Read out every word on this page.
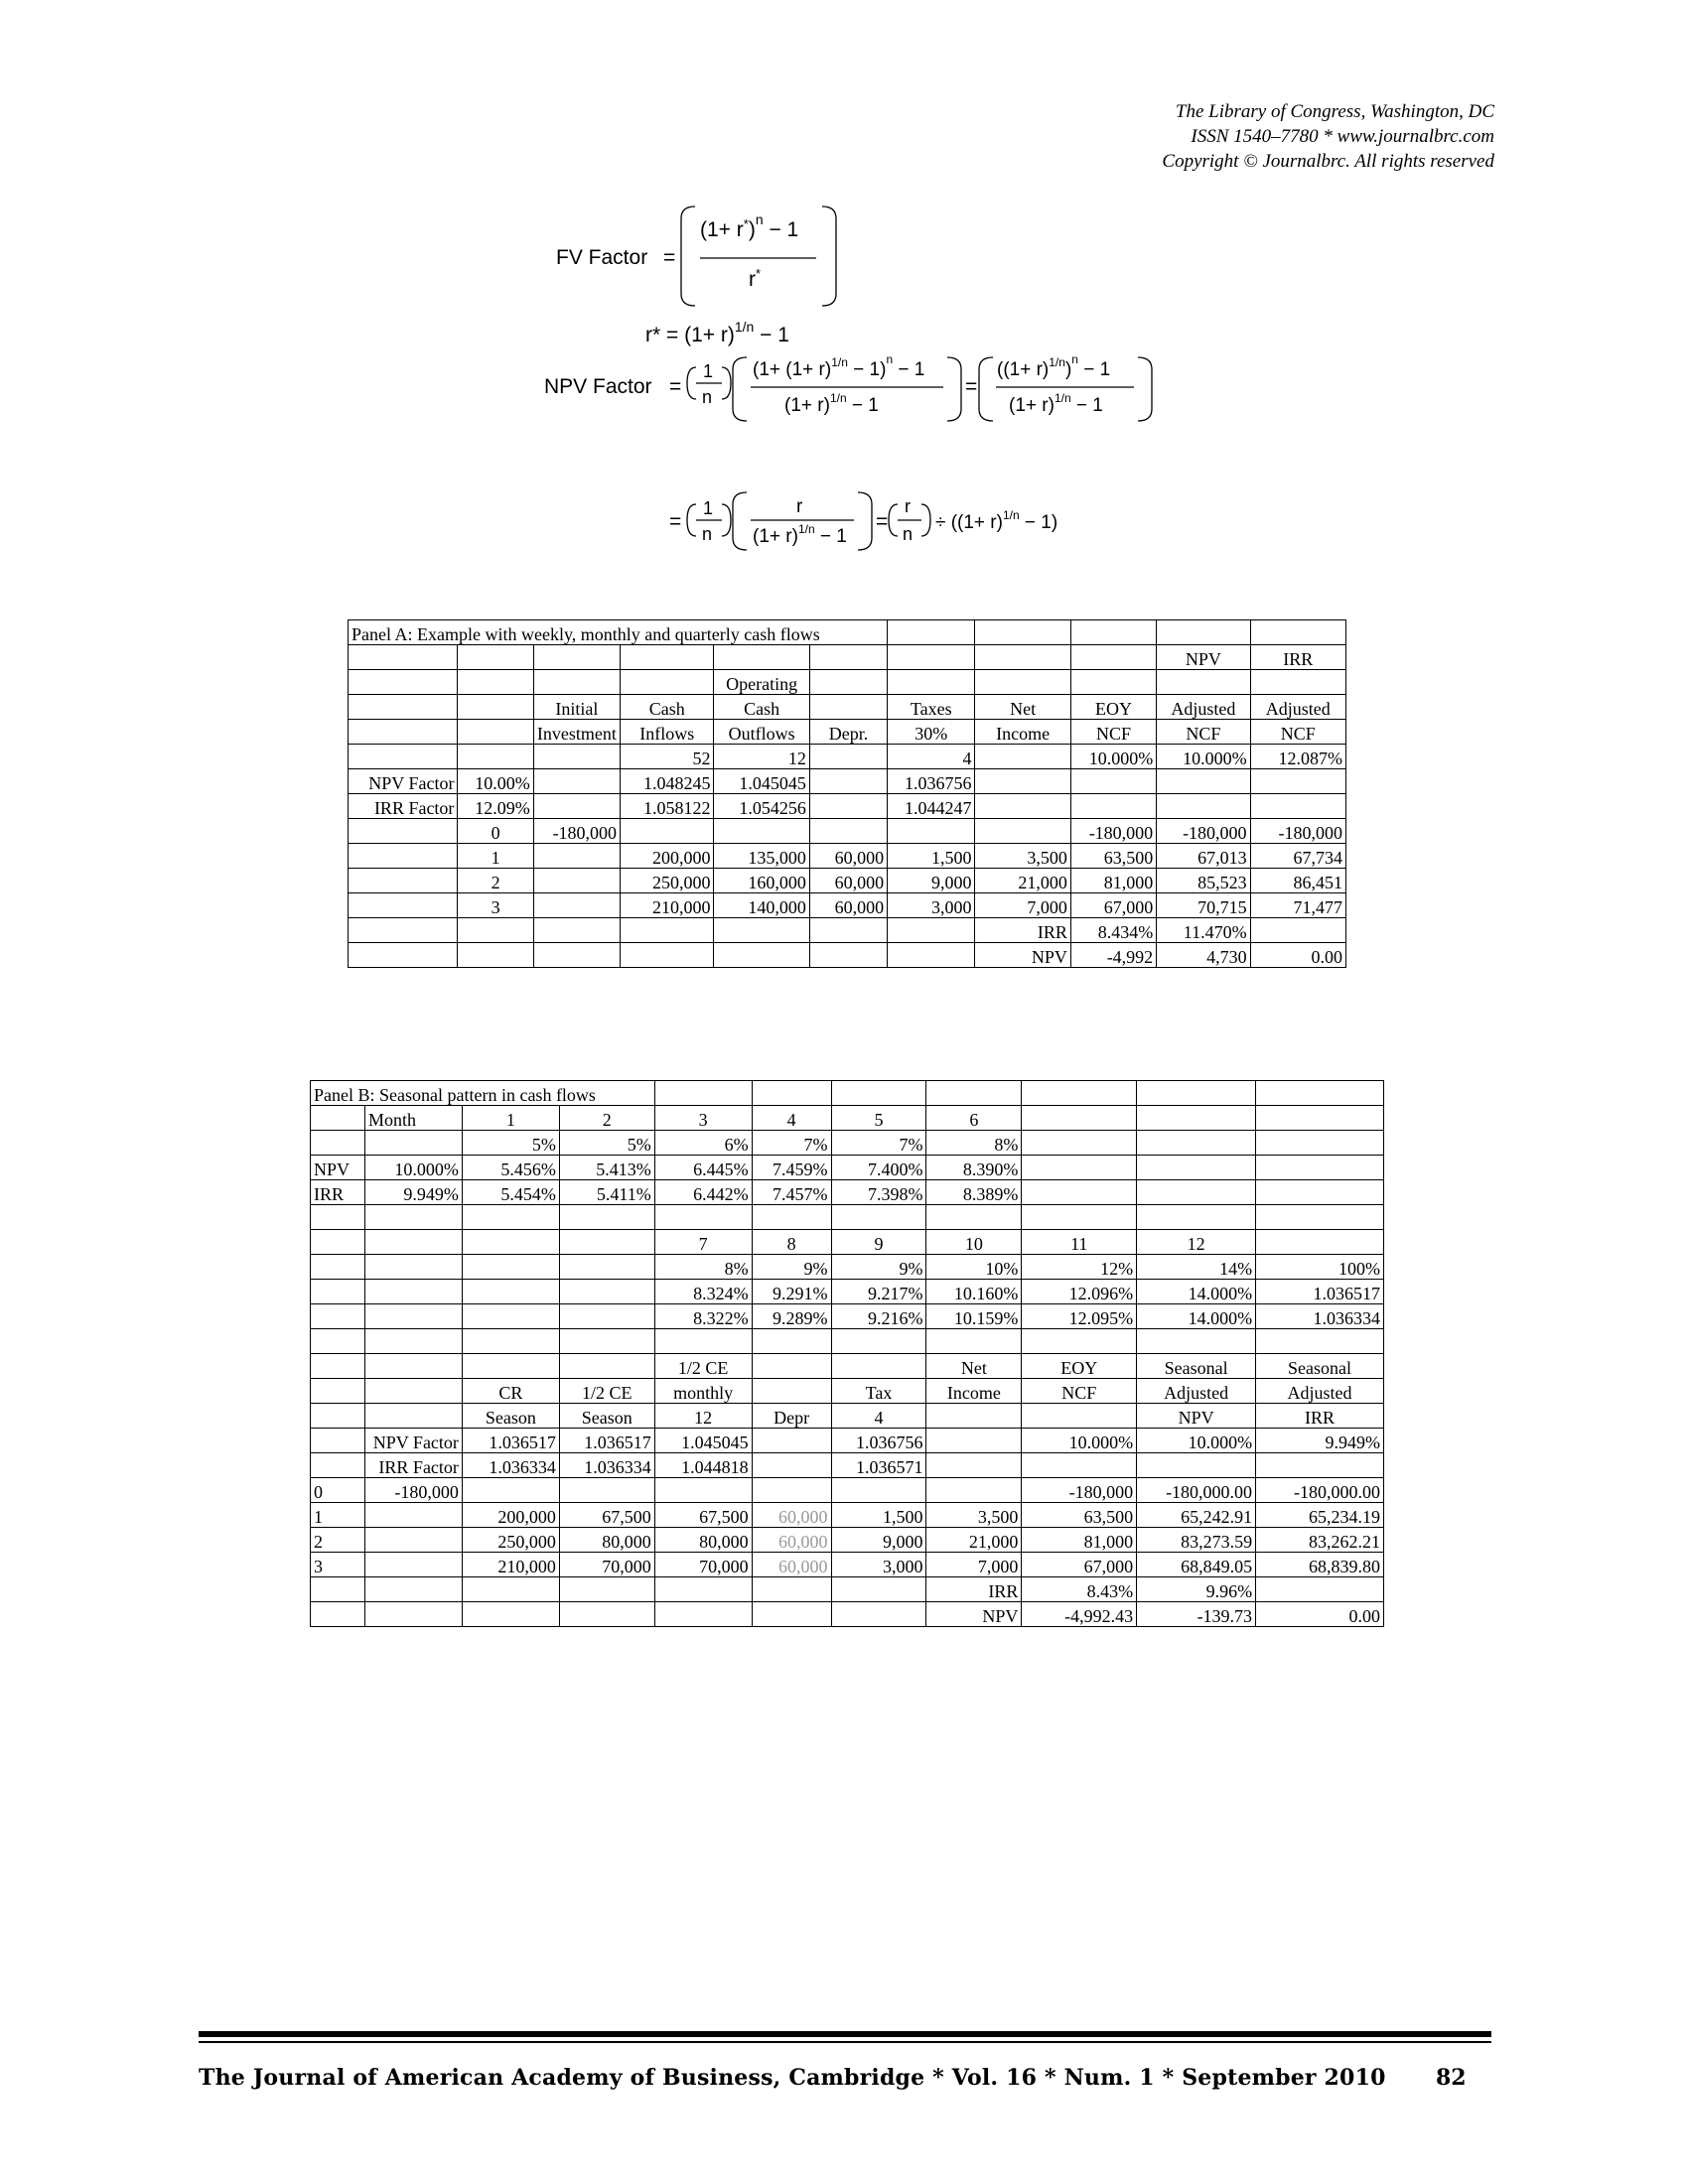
The Library of Congress, Washington, DC
ISSN 1540–7780 * www.journalbrc.com
Copyright © Journalbrc. All rights reserved
FV Factor =
$(1+ r^*)^n - 1$
r*
$r* = (1+ r)^{1/n} - 1$
NPV Factor =
1
n
$(1+ (1+ r)^{1/n} - 1)^n - 1$
$(1+ r)^{1/n} - 1$
=
$((1+ r)^{1/n})^n - 1$
$(1+ r)^{1/n} - 1$
=
1
n
r
$(1+ r)^{1/n} - 1$
=
r
n
÷ $((1+ r)^{1/n} - 1)$
Panel A: Example with weekly, monthly and quarterly cash flows										
									NPV	IRR
				Operating						
		Initial	Cash	Cash		Taxes	Net	EOY	Adjusted	Adjusted
		Investment	Inflows	Outflows	Depr.	30%	Income	NCF	NCF	NCF
			52	12		4		10.000%	10.000%	12.087%
NPV Factor	10.00%		1.048245	1.045045		1.036756				
IRR Factor	12.09%		1.058122	1.054256		1.044247				
	0	-180,000						-180,000	-180,000	-180,000
	1		200,000	135,000	60,000	1,500	3,500	63,500	67,013	67,734
	2		250,000	160,000	60,000	9,000	21,000	81,000	85,523	86,451
	3		210,000	140,000	60,000	3,000	7,000	67,000	70,715	71,477
							IRR	8.434%	11.470%	
							NPV	-4,992	4,730	0.00
Panel B: Seasonal pattern in cash flows										
	Month	1	2	3	4	5	6			
		5%	5%	6%	7%	7%	8%			
NPV	10.000%	5.456%	5.413%	6.445%	7.459%	7.400%	8.390%			
IRR	9.949%	5.454%	5.411%	6.442%	7.457%	7.398%	8.389%			

				7	8	9	10	11	12	
				8%	9%	9%	10%	12%	14%	100%
				8.324%	9.291%	9.217%	10.160%	12.096%	14.000%	1.036517
				8.322%	9.289%	9.216%	10.159%	12.095%	14.000%	1.036334

				1/2 CE			Net	EOY	Seasonal	Seasonal
		CR	1/2 CE	monthly		Tax	Income	NCF	Adjusted	Adjusted
		Season	Season	12	Depr	4			NPV	IRR
	NPV Factor	1.036517	1.036517	1.045045		1.036756		10.000%	10.000%	9.949%
	IRR Factor	1.036334	1.036334	1.044818		1.036571				
0	-180,000							-180,000	-180,000.00	-180,000.00
1		200,000	67,500	67,500	60,000	1,500	3,500	63,500	65,242.91	65,234.19
2		250,000	80,000	80,000	60,000	9,000	21,000	81,000	83,273.59	83,262.21
3		210,000	70,000	70,000	60,000	3,000	7,000	67,000	68,849.05	68,839.80
							IRR	8.43%	9.96%	
							NPV	-4,992.43	-139.73	0.00
The Journal of American Academy of Business, Cambridge * Vol. 16 * Num. 1 * September 2010 82
